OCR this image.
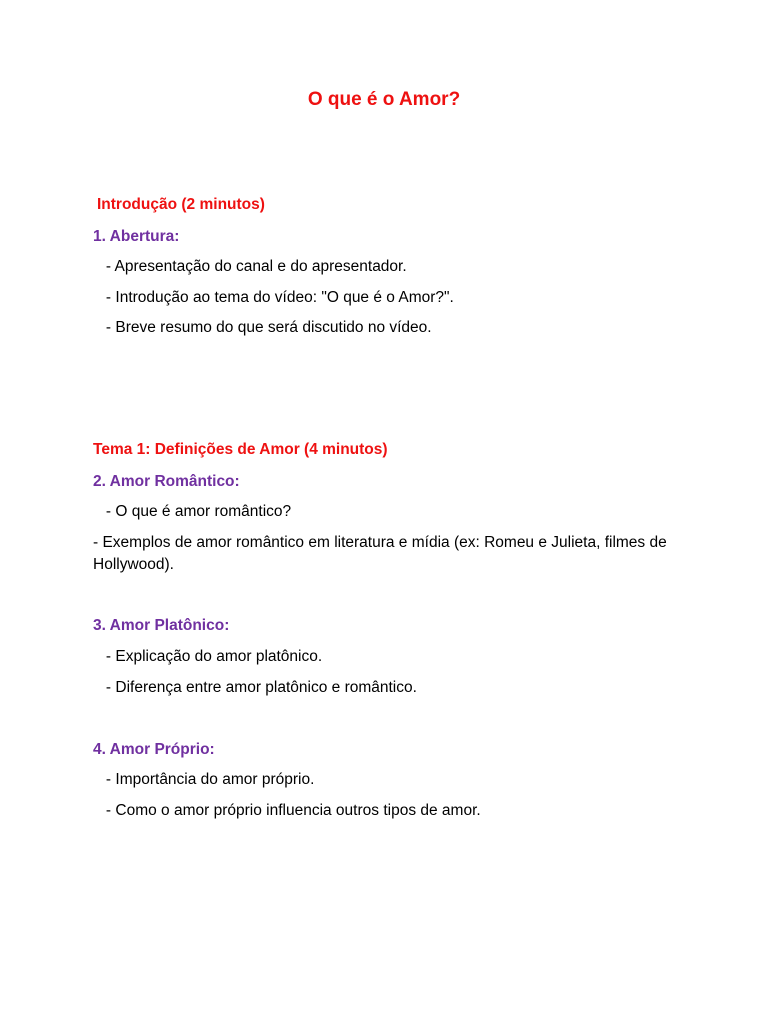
O que é o Amor?
Introdução (2 minutos)
1. Abertura:
- Apresentação do canal e do apresentador.
- Introdução ao tema do vídeo: "O que é o Amor?".
- Breve resumo do que será discutido no vídeo.
Tema 1: Definições de Amor (4 minutos)
2. Amor Romântico:
- O que é amor romântico?
- Exemplos de amor romântico em literatura e mídia (ex: Romeu e Julieta, filmes de Hollywood).
3. Amor Platônico:
- Explicação do amor platônico.
- Diferença entre amor platônico e romântico.
4. Amor Próprio:
- Importância do amor próprio.
- Como o amor próprio influencia outros tipos de amor.
